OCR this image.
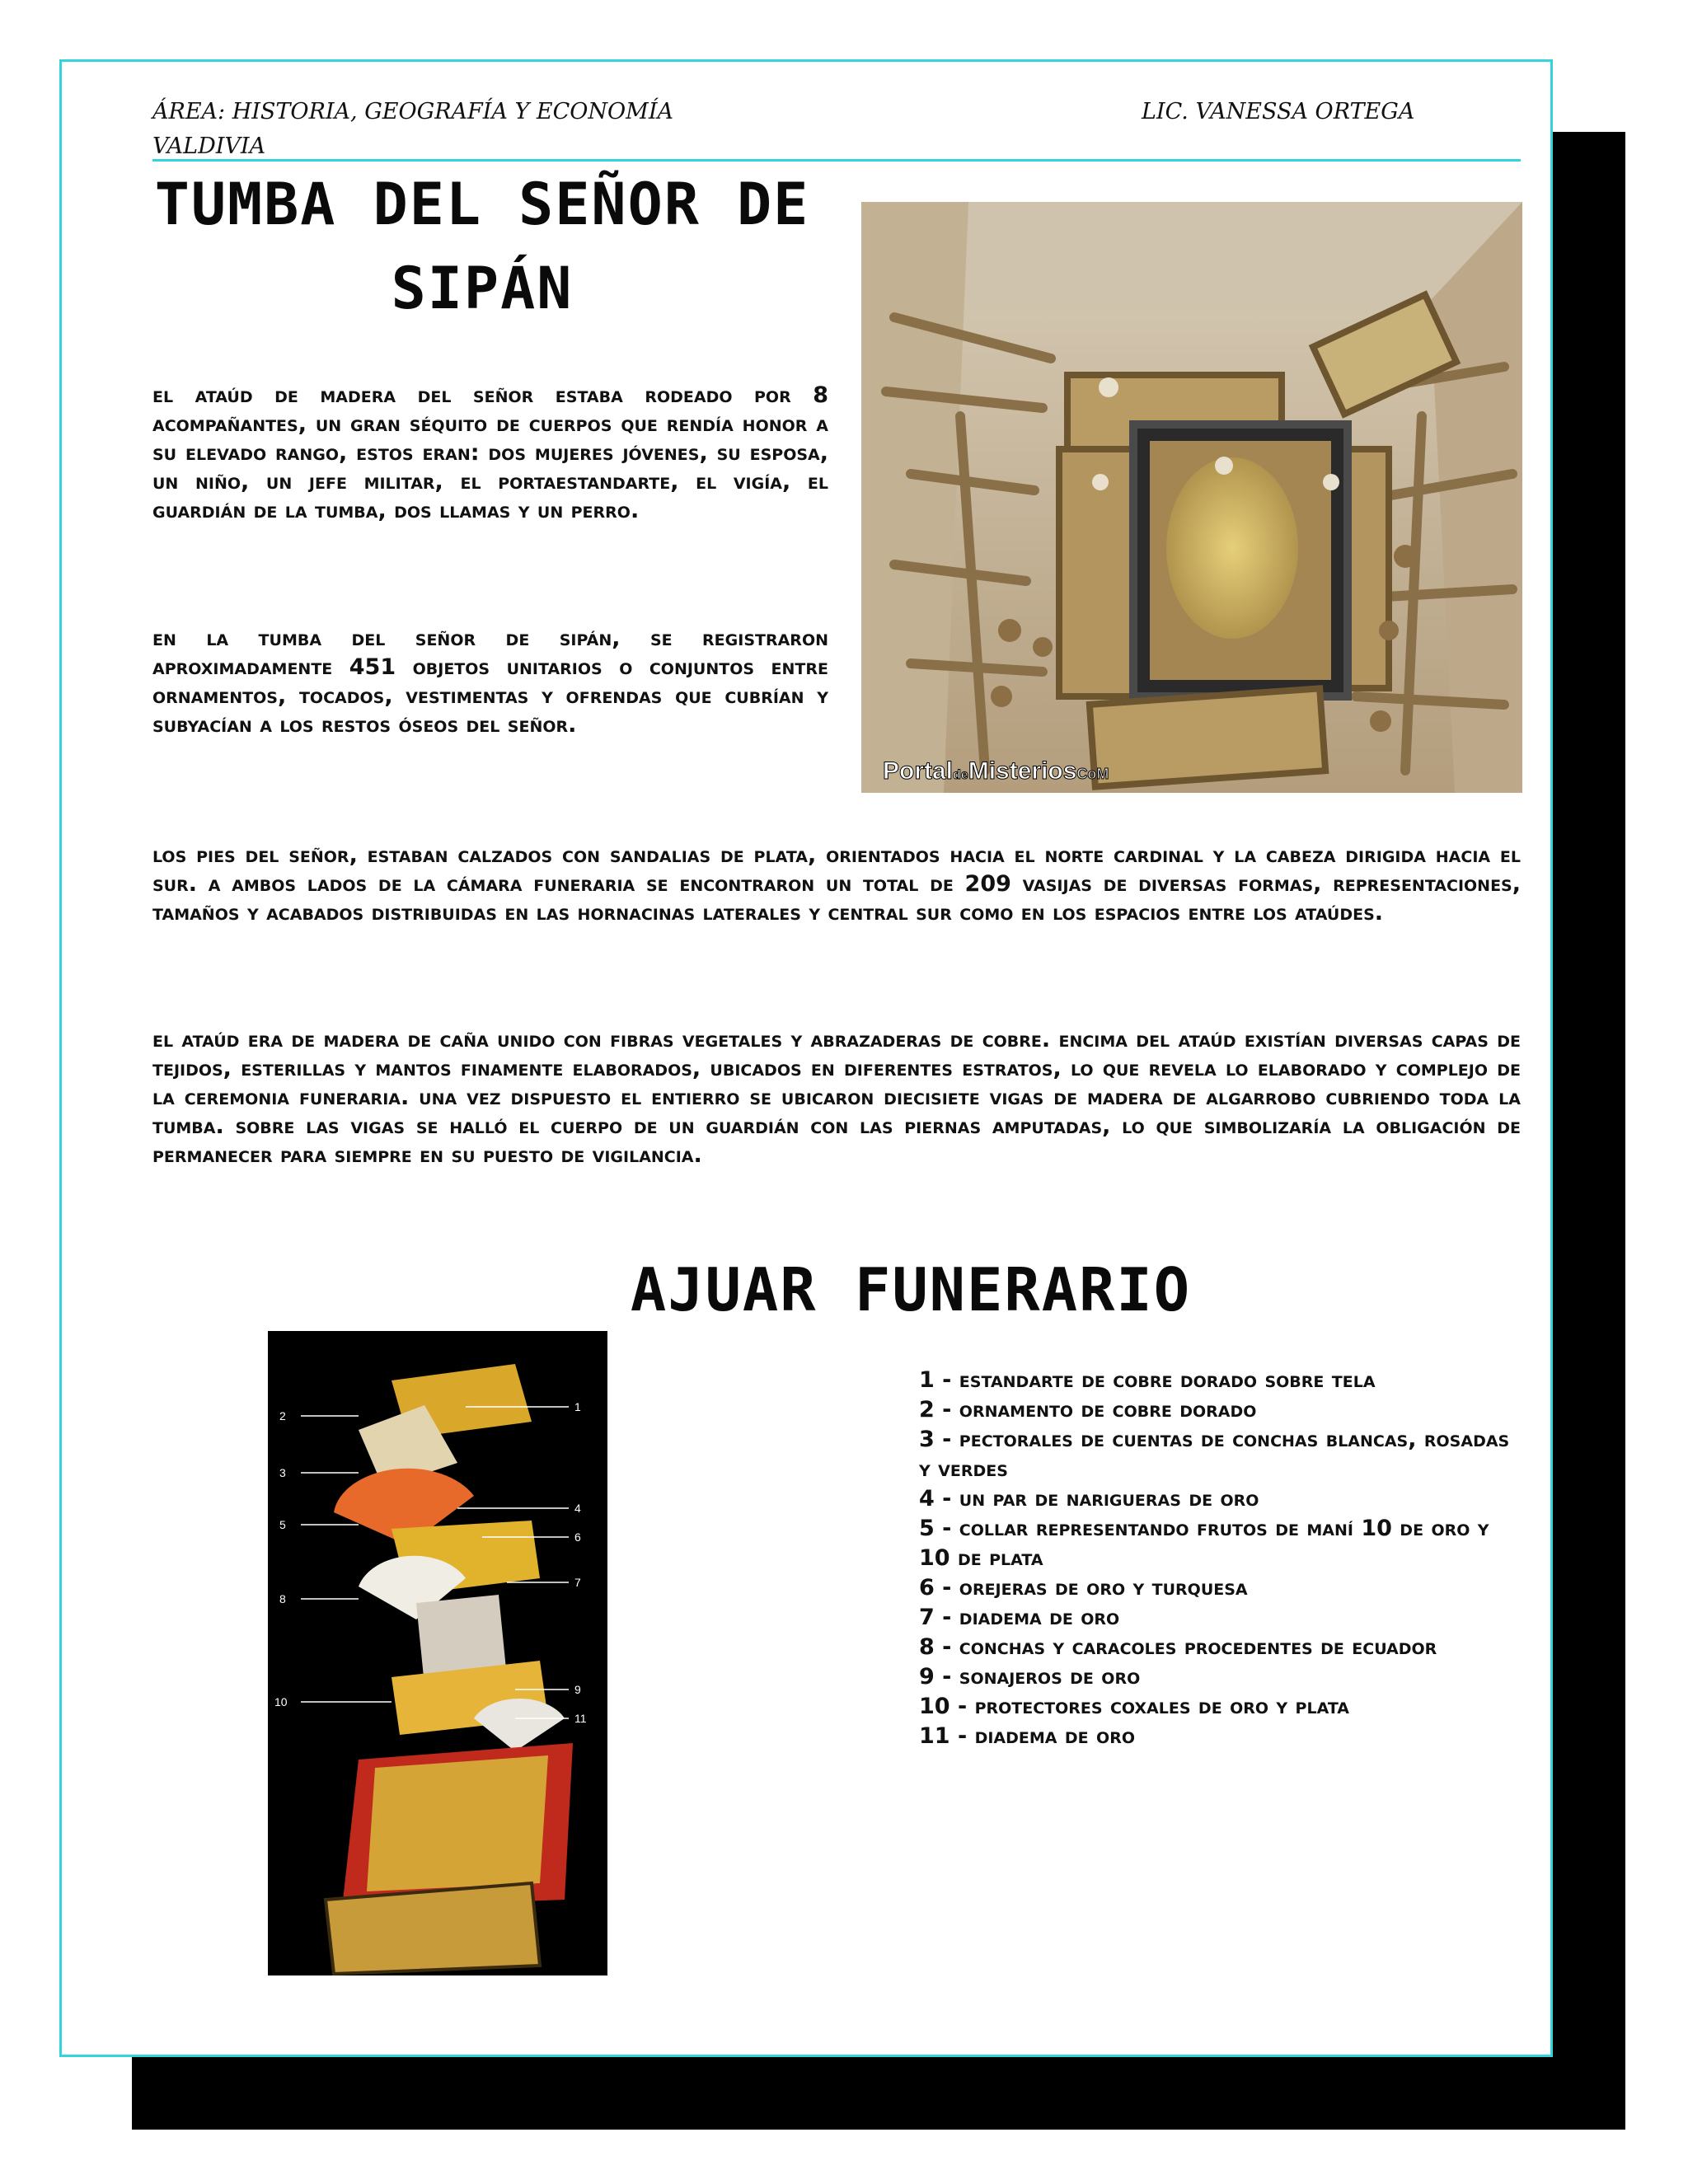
ÁREA: HISTORIA, GEOGRAFÍA Y ECONOMÍA
VALDIVIA
LIC. VANESSA ORTEGA
TUMBA DEL SEÑOR DE SIPÁN

el ataúd de madera del señor estaba rodeado por 8 acompañantes, un gran séquito de cuerpos que rendía honor a su elevado rango, estos eran: dos mujeres jóvenes, su esposa, un niño, un jefe militar, el portaestandarte, el vigía, el guardián de la tumba, dos llamas y un perro.

en la tumba del señor de sipán, se registraron aproximadamente 451 objetos unitarios o conjuntos entre ornamentos, tocados, vestimentas y ofrendas que cubrían y subyacían a los restos óseos del señor.

PortaldeMisteriosCoM

los pies del señor, estaban calzados con sandalias de plata, orientados hacia el norte cardinal y la cabeza dirigida hacia el sur. a ambos lados de la cámara funeraria se encontraron un total de 209 vasijas de diversas formas, representaciones, tamaños y acabados distribuidas en las hornacinas laterales y central sur como en los espacios entre los ataúdes.

el ataúd era de madera de caña unido con fibras vegetales y abrazaderas de cobre. encima del ataúd existían diversas capas de tejidos, esterillas y mantos finamente elaborados, ubicados en diferentes estratos, lo que revela lo elaborado y complejo de la ceremonia funeraria. una vez dispuesto el entierro se ubicaron diecisiete vigas de madera de algarrobo cubriendo toda la tumba. sobre las vigas se halló el cuerpo de un guardián con las piernas amputadas, lo que simbolizaría la obligación de permanecer para siempre en su puesto de vigilancia.

AJUAR FUNERARIO
1
2
3
4
5
6
7
8
9
10
11
1 - estandarte de cobre dorado sobre tela
2 - ornamento de cobre dorado
3 - pectorales de cuentas de conchas blancas, rosadas y verdes
4 - un par de narigueras de oro
5 - collar representando frutos de maní 10 de oro y 10 de plata
6 - orejeras de oro y turquesa
7 - diadema de oro
8 - conchas y caracoles procedentes de ecuador
9 - sonajeros de oro
10 - protectores coxales de oro y plata
11 - diadema de oro
